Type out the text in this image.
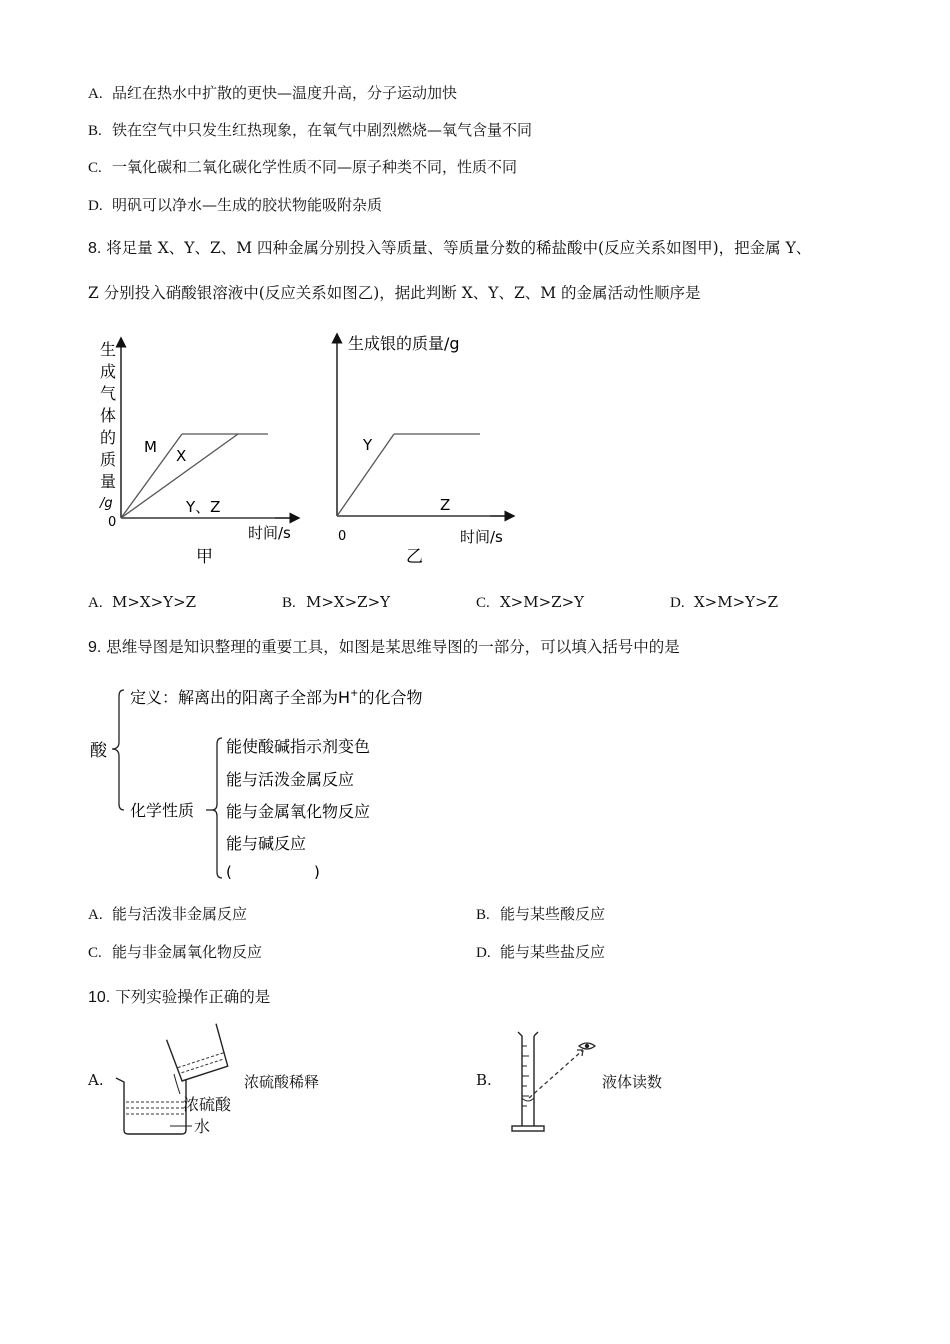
A. 品红在热水中扩散的更快—温度升高，分子运动加快
B. 铁在空气中只发生红热现象，在氧气中剧烈燃烧—氧气含量不同
C. 一氧化碳和二氧化碳化学性质不同—原子种类不同，性质不同
D. 明矾可以净水—生成的胶状物能吸附杂质
8. 将足量 X、Y、Z、M 四种金属分别投入等质量、等质量分数的稀盐酸中(反应关系如图甲)，把金属 Y、
Z 分别投入硝酸银溶液中(反应关系如图乙)，据此判断 X、Y、Z、M 的金属活动性顺序是
生
成
气
体
的
质
量
/g
0
M X
Y、Z
时间/s
甲
生成银的质量/g
0
Y
Z
时间/s
乙
A. M>X>Y>Z	B. M>X>Z>Y	C. X>M>Z>Y	D. X>M>Y>Z
9. 思维导图是知识整理的重要工具，如图是某思维导图的一部分，可以填入括号中的是
酸
定义：解离出的阳离子全部为H+的化合物
化学性质
能使酸碱指示剂变色
能与活泼金属反应
能与金属氧化物反应
能与碱反应
(	)
A. 能与活泼非金属反应	B. 能与某些酸反应
C. 能与非金属氧化物反应	D. 能与某些盐反应
10. 下列实验操作正确的是
A.
浓硫酸
水
浓硫酸稀释	B.	液体读数
